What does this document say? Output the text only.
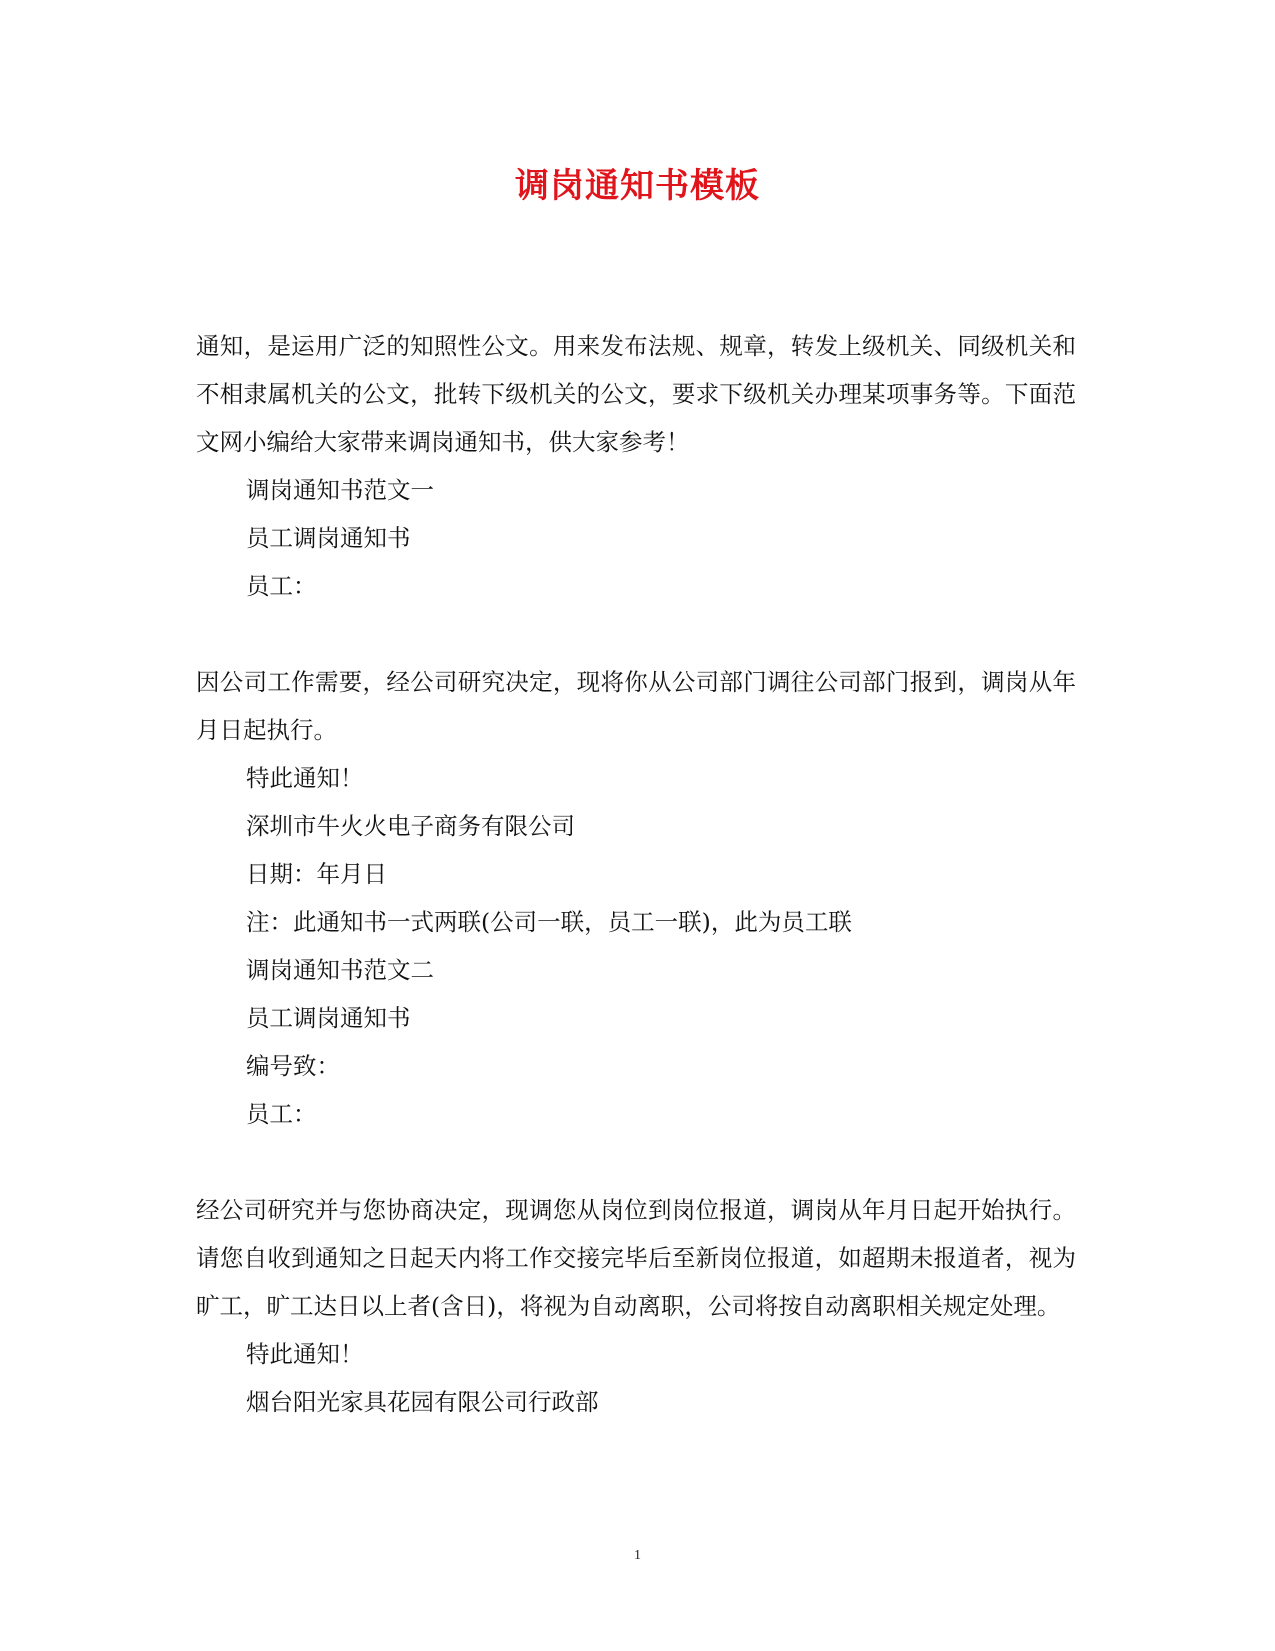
调岗通知书模板

通知，是运用广泛的知照性公文。用来发布法规、规章，转发上级机关、同级机关和不相隶属机关的公文，批转下级机关的公文，要求下级机关办理某项事务等。下面范文网小编给大家带来调岗通知书，供大家参考！

调岗通知书范文一

员工调岗通知书

员工：

因公司工作需要，经公司研究决定，现将你从公司部门调往公司部门报到，调岗从年月日起执行。

特此通知！

深圳市牛火火电子商务有限公司

日期：年月日

注：此通知书一式两联(公司一联，员工一联)，此为员工联

调岗通知书范文二

员工调岗通知书

编号致：

员工：

经公司研究并与您协商决定，现调您从岗位到岗位报道，调岗从年月日起开始执行。请您自收到通知之日起天内将工作交接完毕后至新岗位报道，如超期未报道者，视为旷工，旷工达日以上者(含日)，将视为自动离职，公司将按自动离职相关规定处理。

特此通知！

烟台阳光家具花园有限公司行政部

1
